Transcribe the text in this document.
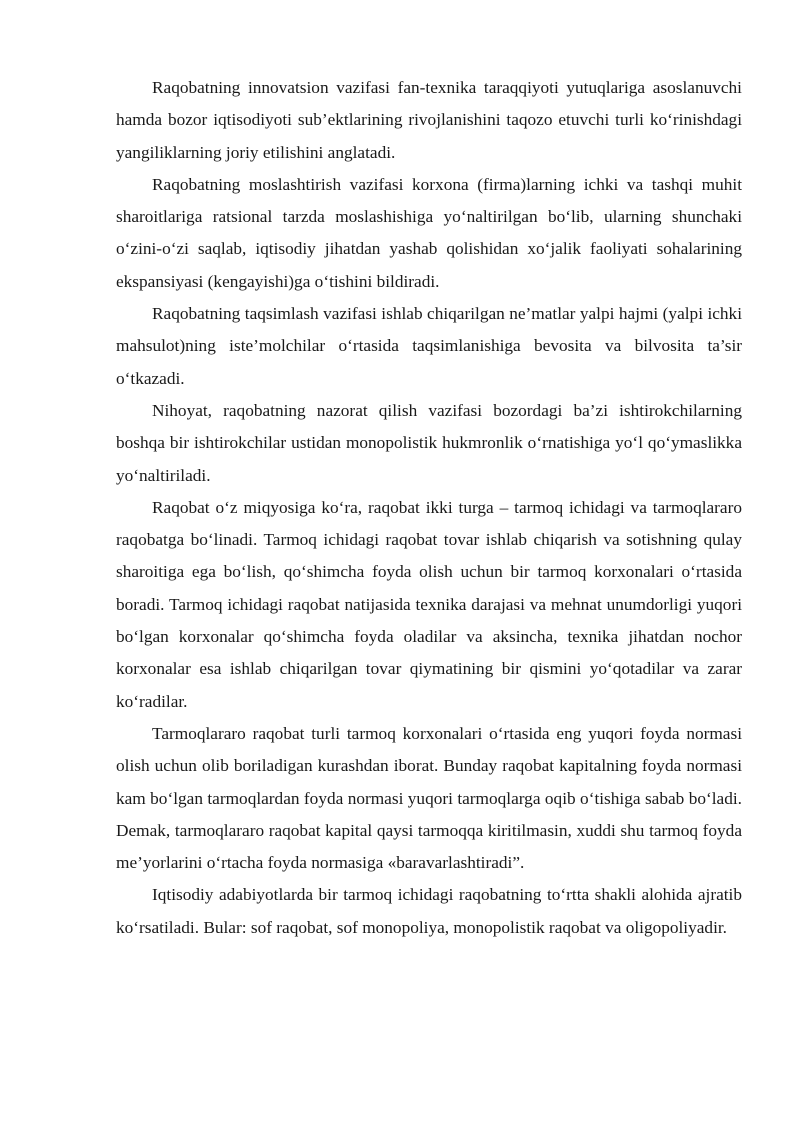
Raqobatning innovatsion vazifasi fan-texnika taraqqiyoti yutuqlariga asoslanuvchi hamda bozor iqtisodiyoti sub’ektlarining rivojlanishini taqozo etuvchi turli ko‘rinishdagi yangiliklarning joriy etilishini anglatadi.

Raqobatning moslashtirish vazifasi korxona (firma)larning ichki va tashqi muhit sharoitlariga ratsional tarzda moslashishiga yo‘naltirilgan bo‘lib, ularning shunchaki o‘zini-o‘zi saqlab, iqtisodiy jihatdan yashab qolishidan xo‘jalik faoliyati sohalarining ekspansiyasi (kengayishi)ga o‘tishini bildiradi.

Raqobatning taqsimlash vazifasi ishlab chiqarilgan ne’matlar yalpi hajmi (yalpi ichki mahsulot)ning iste’molchilar o‘rtasida taqsimlanishiga bevosita va bilvosita ta’sir o‘tkazadi.

Nihoyat, raqobatning nazorat qilish vazifasi bozordagi ba’zi ishtirokchilarning boshqa bir ishtirokchilar ustidan monopolistik hukmronlik o‘rnatishiga yo‘l qo‘ymaslikka yo‘naltiriladi.

Raqobat o‘z miqyosiga ko‘ra, raqobat ikki turga – tarmoq ichidagi va tarmoqlararo raqobatga bo‘linadi. Tarmoq ichidagi raqobat tovar ishlab chiqarish va sotishning qulay sharoitiga ega bo‘lish, qo‘shimcha foyda olish uchun bir tarmoq korxonalari o‘rtasida boradi. Tarmoq ichidagi raqobat natijasida texnika darajasi va mehnat unumdorligi yuqori bo‘lgan korxonalar qo‘shimcha foyda oladilar va aksincha, texnika jihatdan nochor korxonalar esa ishlab chiqarilgan tovar qiymatining bir qismini yo‘qotadilar va zarar ko‘radilar.

Tarmoqlararo raqobat turli tarmoq korxonalari o‘rtasida eng yuqori foyda normasi olish uchun olib boriladigan kurashdan iborat. Bunday raqobat kapitalning foyda normasi kam bo‘lgan tarmoqlardan foyda normasi yuqori tarmoqlarga oqib o‘tishiga sabab bo‘ladi. Demak, tarmoqlararo raqobat kapital qaysi tarmoqqa kiritilmasin, xuddi shu tarmoq foyda me’yorlarini o‘rtacha foyda normasiga «baravarlashtiradi”.

Iqtisodiy adabiyotlarda bir tarmoq ichidagi raqobatning to‘rtta shakli alohida ajratib ko‘rsatiladi. Bular: sof raqobat, sof monopoliya, monopolistik raqobat va oligopoliyadir.
